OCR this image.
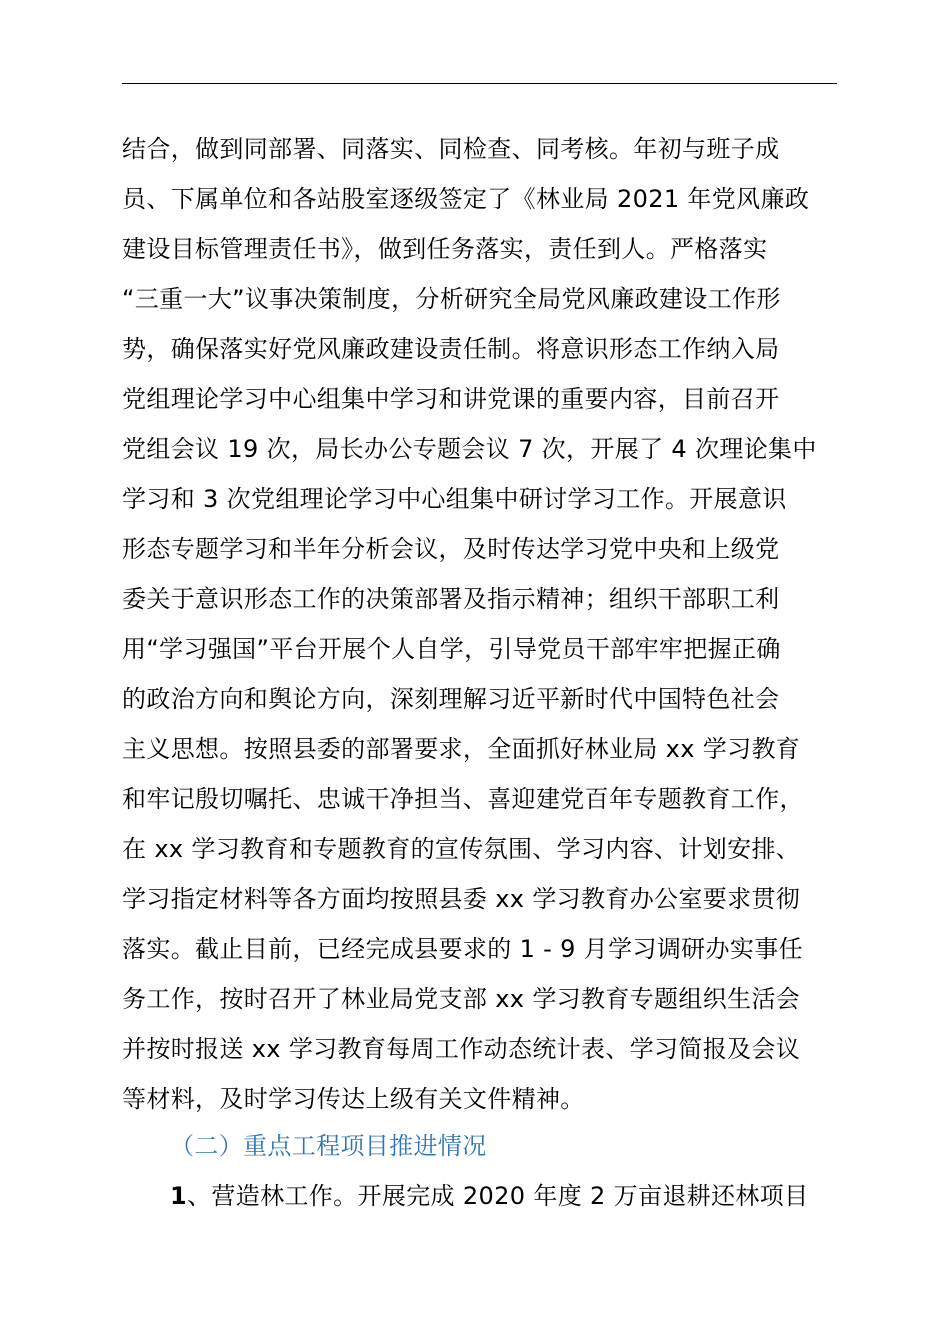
结合，做到同部署、同落实、同检查、同考核。年初与班子成
员、下属单位和各站股室逐级签定了《林业局 2021 年党风廉政
建设目标管理责任书》，做到任务落实，责任到人。严格落实
“三重一大”议事决策制度，分析研究全局党风廉政建设工作形
势，确保落实好党风廉政建设责任制。将意识形态工作纳入局
党组理论学习中心组集中学习和讲党课的重要内容，目前召开
党组会议 19 次，局长办公专题会议 7 次，开展了 4 次理论集中
学习和 3 次党组理论学习中心组集中研讨学习工作。开展意识
形态专题学习和半年分析会议，及时传达学习党中央和上级党
委关于意识形态工作的决策部署及指示精神；组织干部职工利
用“学习强国”平台开展个人自学，引导党员干部牢牢把握正确
的政治方向和舆论方向，深刻理解习近平新时代中国特色社会
主义思想。按照县委的部署要求，全面抓好林业局 xx 学习教育
和牢记殷切嘱托、忠诚干净担当、喜迎建党百年专题教育工作，
在 xx 学习教育和专题教育的宣传氛围、学习内容、计划安排、
学习指定材料等各方面均按照县委 xx 学习教育办公室要求贯彻
落实。截止目前，已经完成县要求的 1 - 9 月学习调研办实事任
务工作，按时召开了林业局党支部 xx 学习教育专题组织生活会
并按时报送 xx 学习教育每周工作动态统计表、学习简报及会议
等材料，及时学习传达上级有关文件精神。
（二）重点工程项目推进情况
1、营造林工作。开展完成 2020 年度 2 万亩退耕还林项目
